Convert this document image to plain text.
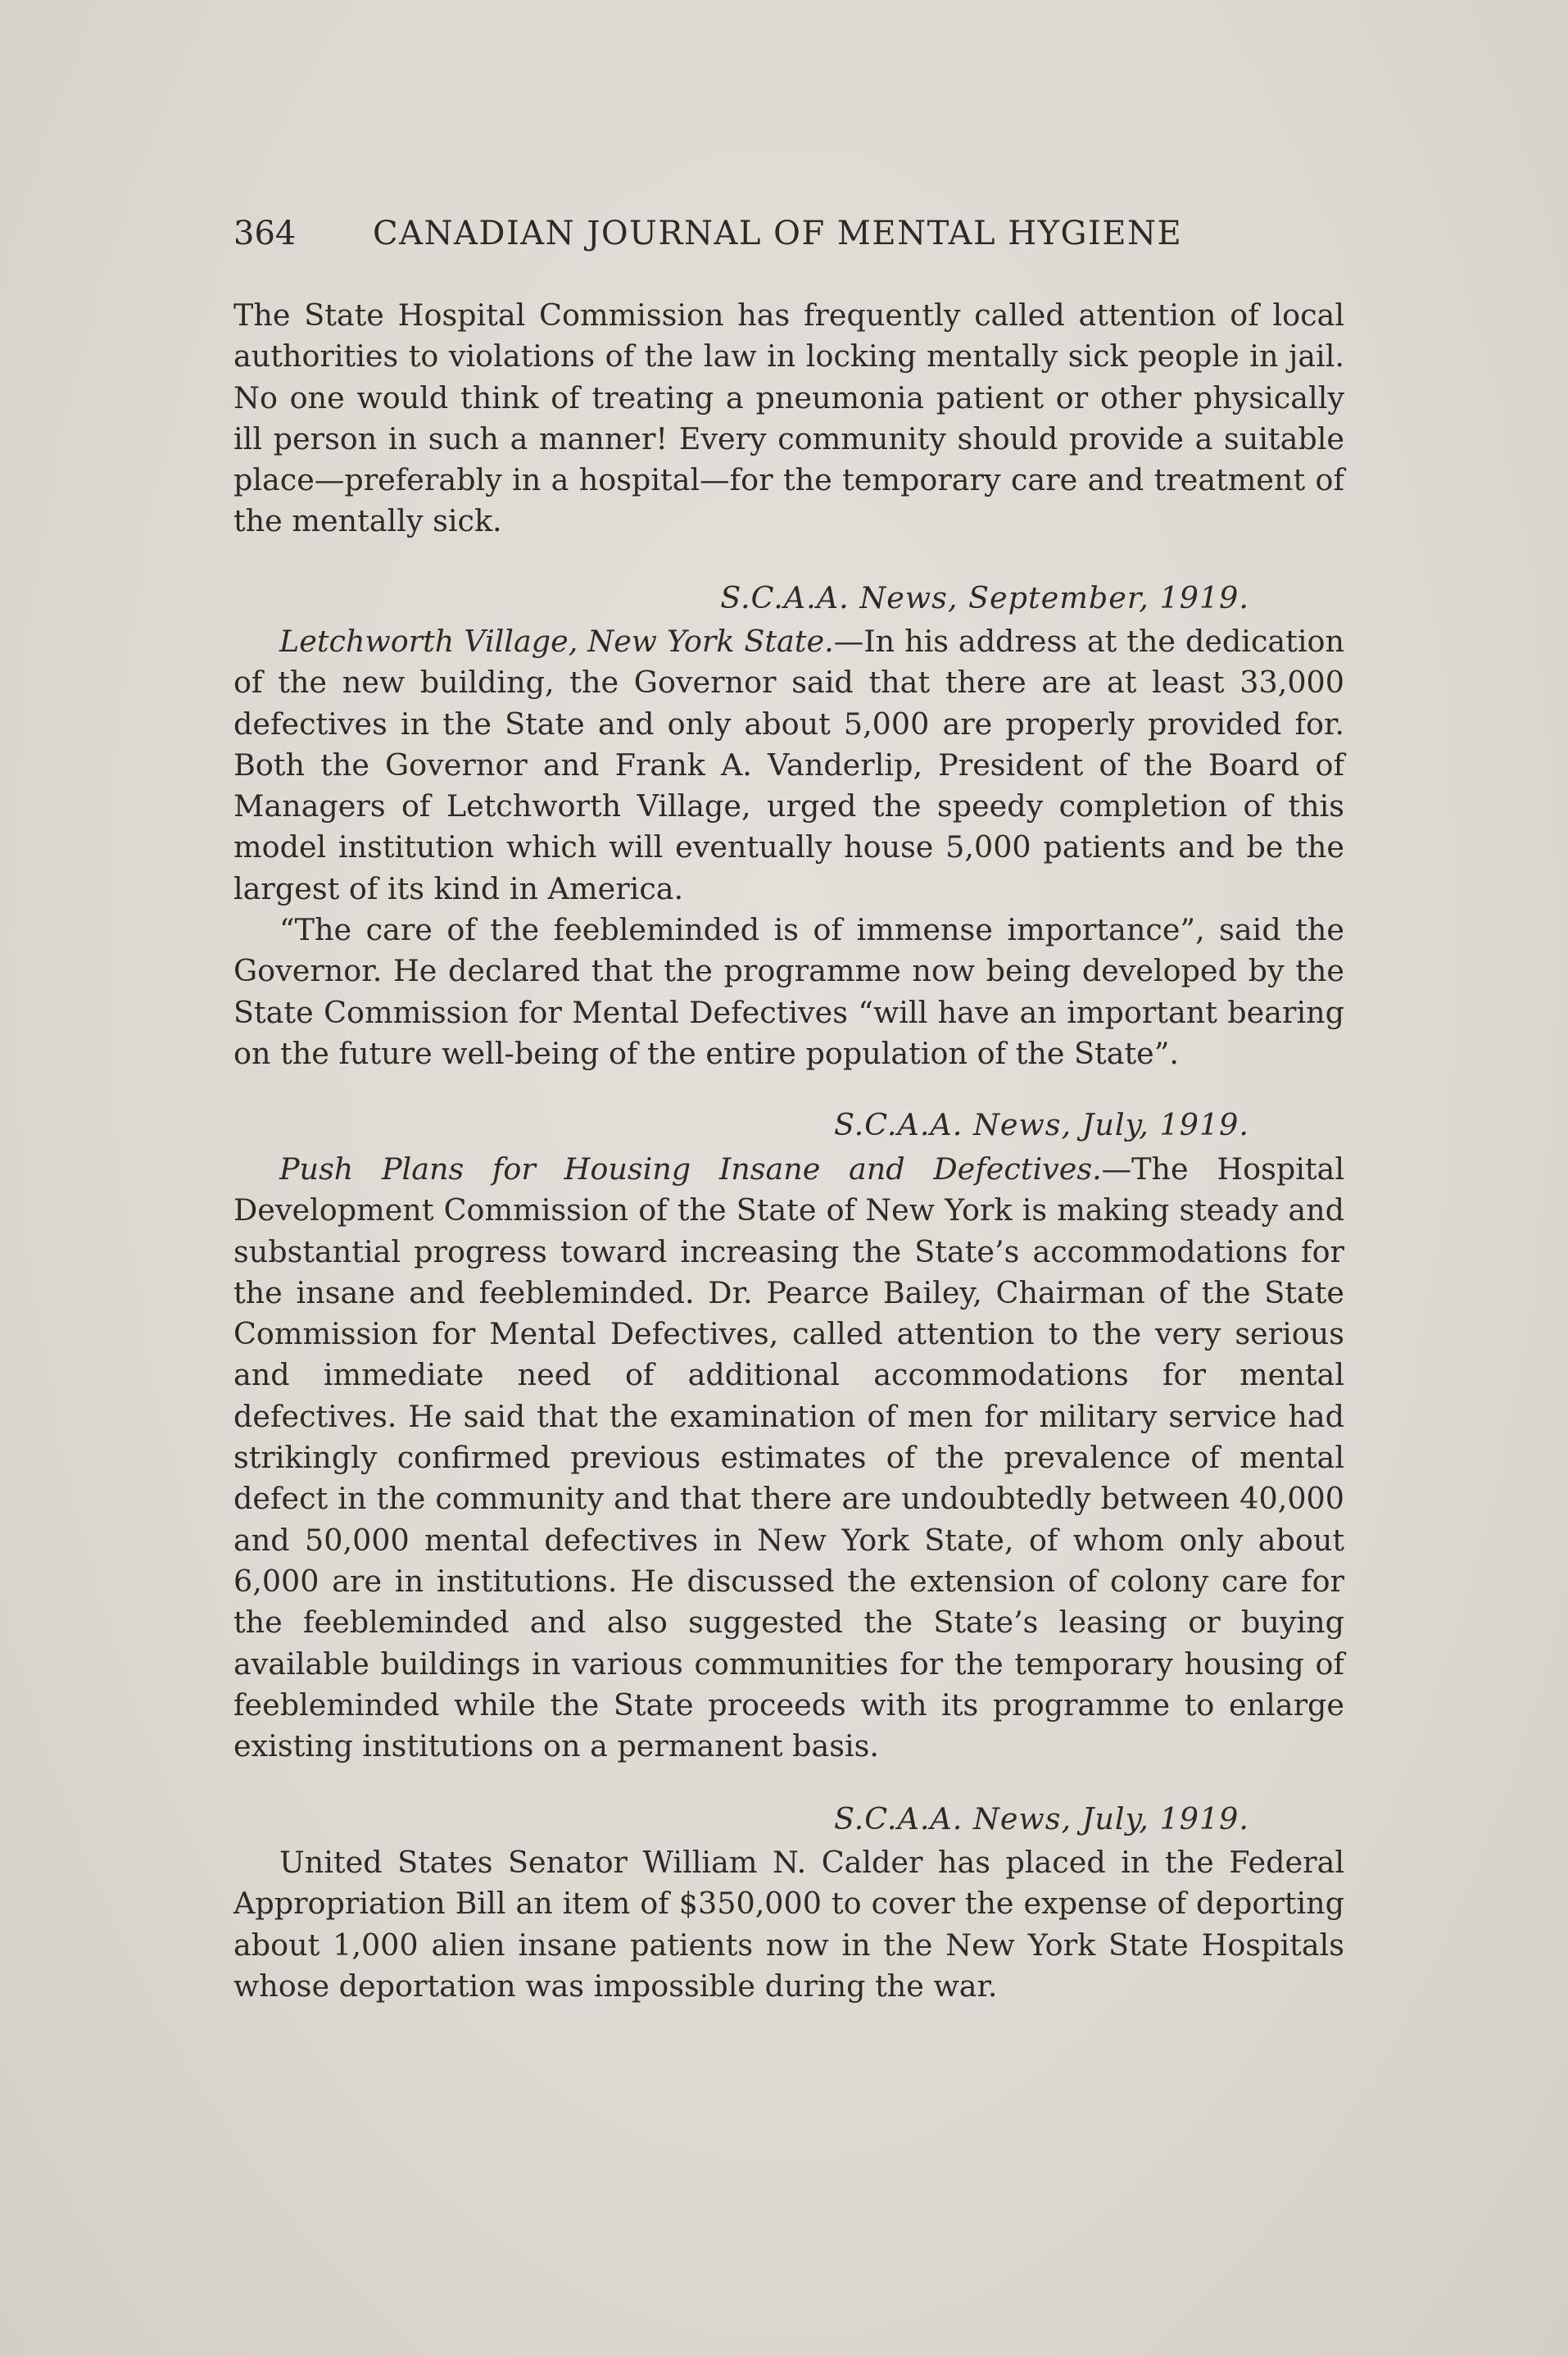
364 CANADIAN JOURNAL OF MENTAL HYGIENE

The State Hospital Commission has frequently called attention of local authorities to violations of the law in locking mentally sick people in jail. No one would think of treating a pneumonia patient or other physically ill person in such a manner! Every community should provide a suitable place—preferably in a hospital—for the temporary care and treatment of the mentally sick.

S.C.A.A. News, September, 1919.

Letchworth Village, New York State.—In his address at the dedication of the new building, the Governor said that there are at least 33,000 defectives in the State and only about 5,000 are properly provided for. Both the Governor and Frank A. Vanderlip, President of the Board of Managers of Letchworth Village, urged the speedy completion of this model institution which will eventually house 5,000 patients and be the largest of its kind in America.

“The care of the feebleminded is of immense importance”, said the Governor. He declared that the programme now being developed by the State Commission for Mental Defectives “will have an important bearing on the future well-being of the entire population of the State”.

S.C.A.A. News, July, 1919.

Push Plans for Housing Insane and Defectives.—The Hospital Development Commission of the State of New York is making steady and substantial progress toward increasing the State’s accommodations for the insane and feebleminded. Dr. Pearce Bailey, Chairman of the State Commission for Mental Defectives, called attention to the very serious and immediate need of additional accommodations for mental defectives. He said that the examination of men for military service had strikingly confirmed previous estimates of the prevalence of mental defect in the community and that there are undoubtedly between 40,000 and 50,000 mental defectives in New York State, of whom only about 6,000 are in institutions. He discussed the extension of colony care for the feebleminded and also suggested the State’s leasing or buying available buildings in various communities for the temporary housing of feebleminded while the State proceeds with its programme to enlarge existing institutions on a permanent basis.

S.C.A.A. News, July, 1919.

United States Senator William N. Calder has placed in the Federal Appropriation Bill an item of $350,000 to cover the expense of deporting about 1,000 alien insane patients now in the New York State Hospitals whose deportation was impossible during the war.
